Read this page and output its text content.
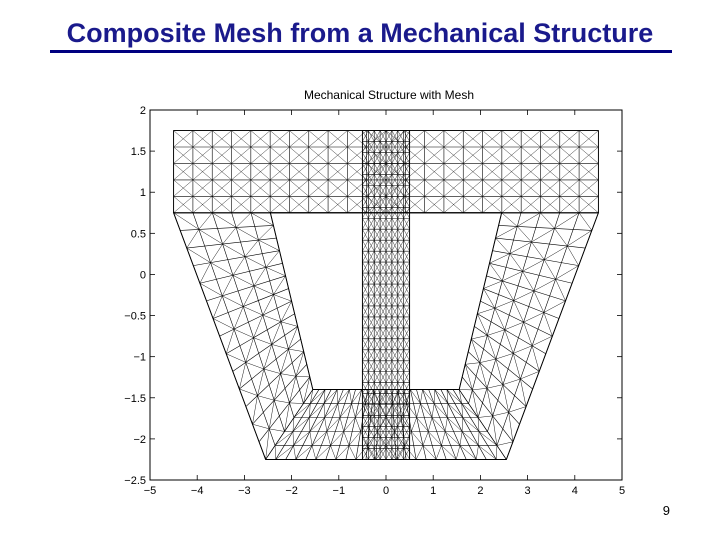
Composite Mesh from a Mechanical Structure
Mechanical Structure with Mesh
−5	−4	−3	−2	−1	0	1	2	3	4	5
2
1.5
1
0.5
0
−0.5
−1
−1.5
−2
−2.5
9
